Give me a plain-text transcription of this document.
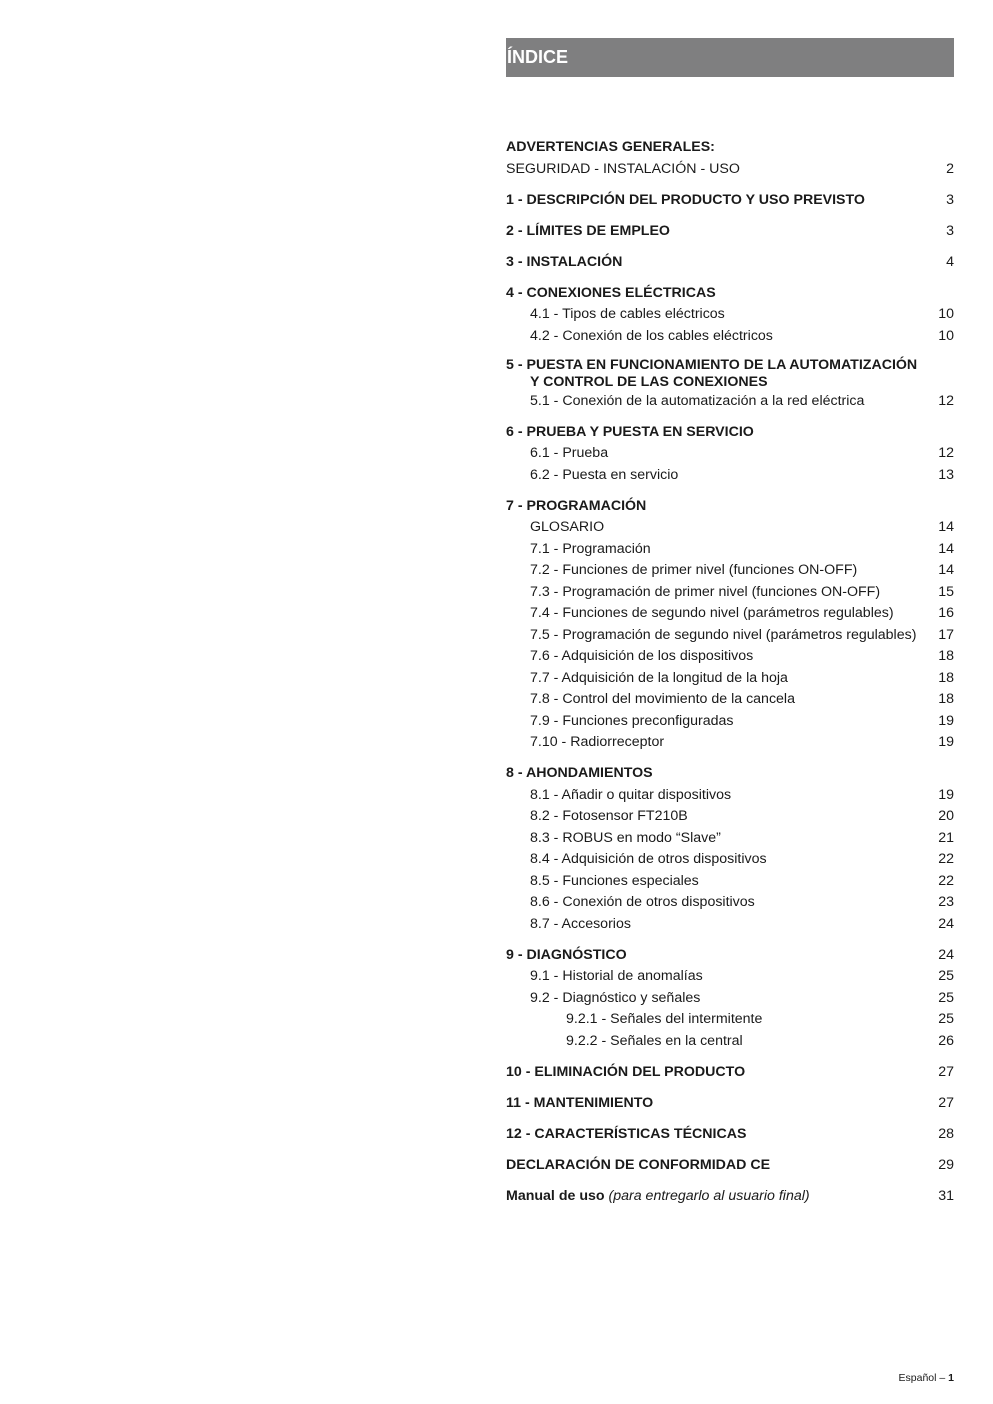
ÍNDICE
ADVERTENCIAS GENERALES:
SEGURIDAD - INSTALACIÓN - USO	2
1 - DESCRIPCIÓN DEL PRODUCTO Y USO PREVISTO	3
2 - LÍMITES DE EMPLEO	3
3 - INSTALACIÓN	4
4 - CONEXIONES ELÉCTRICAS
4.1 - Tipos de cables eléctricos	10
4.2 - Conexión de los cables eléctricos	10
5 - PUESTA EN FUNCIONAMIENTO DE LA AUTOMATIZACIÓN
Y CONTROL DE LAS CONEXIONES
5.1 - Conexión de la automatización a la red eléctrica	12
6 - PRUEBA Y PUESTA EN SERVICIO
6.1 - Prueba	12
6.2 - Puesta en servicio	13
7 - PROGRAMACIÓN
GLOSARIO	14
7.1 - Programación	14
7.2 - Funciones de primer nivel (funciones ON-OFF)	14
7.3 - Programación de primer nivel (funciones ON-OFF)	15
7.4 - Funciones de segundo nivel (parámetros regulables)	16
7.5 - Programación de segundo nivel (parámetros regulables)	17
7.6 - Adquisición de los dispositivos	18
7.7 - Adquisición de la longitud de la hoja	18
7.8 - Control del movimiento de la cancela	18
7.9 - Funciones preconfiguradas	19
7.10 - Radiorreceptor	19
8 - AHONDAMIENTOS
8.1 - Añadir o quitar dispositivos	19
8.2 - Fotosensor FT210B	20
8.3 - ROBUS en modo “Slave”	21
8.4 - Adquisición de otros dispositivos	22
8.5 - Funciones especiales	22
8.6 - Conexión de otros dispositivos	23
8.7 - Accesorios	24
9 - DIAGNÓSTICO	24
9.1 - Historial de anomalías	25
9.2 - Diagnóstico y señales	25
9.2.1 - Señales del intermitente	25
9.2.2 - Señales en la central	26
10 - ELIMINACIÓN DEL PRODUCTO	27
11 - MANTENIMIENTO	27
12 - CARACTERÍSTICAS TÉCNICAS	28
DECLARACIÓN DE CONFORMIDAD CE	29
Manual de uso (para entregarlo al usuario final)	31
Español – 1
